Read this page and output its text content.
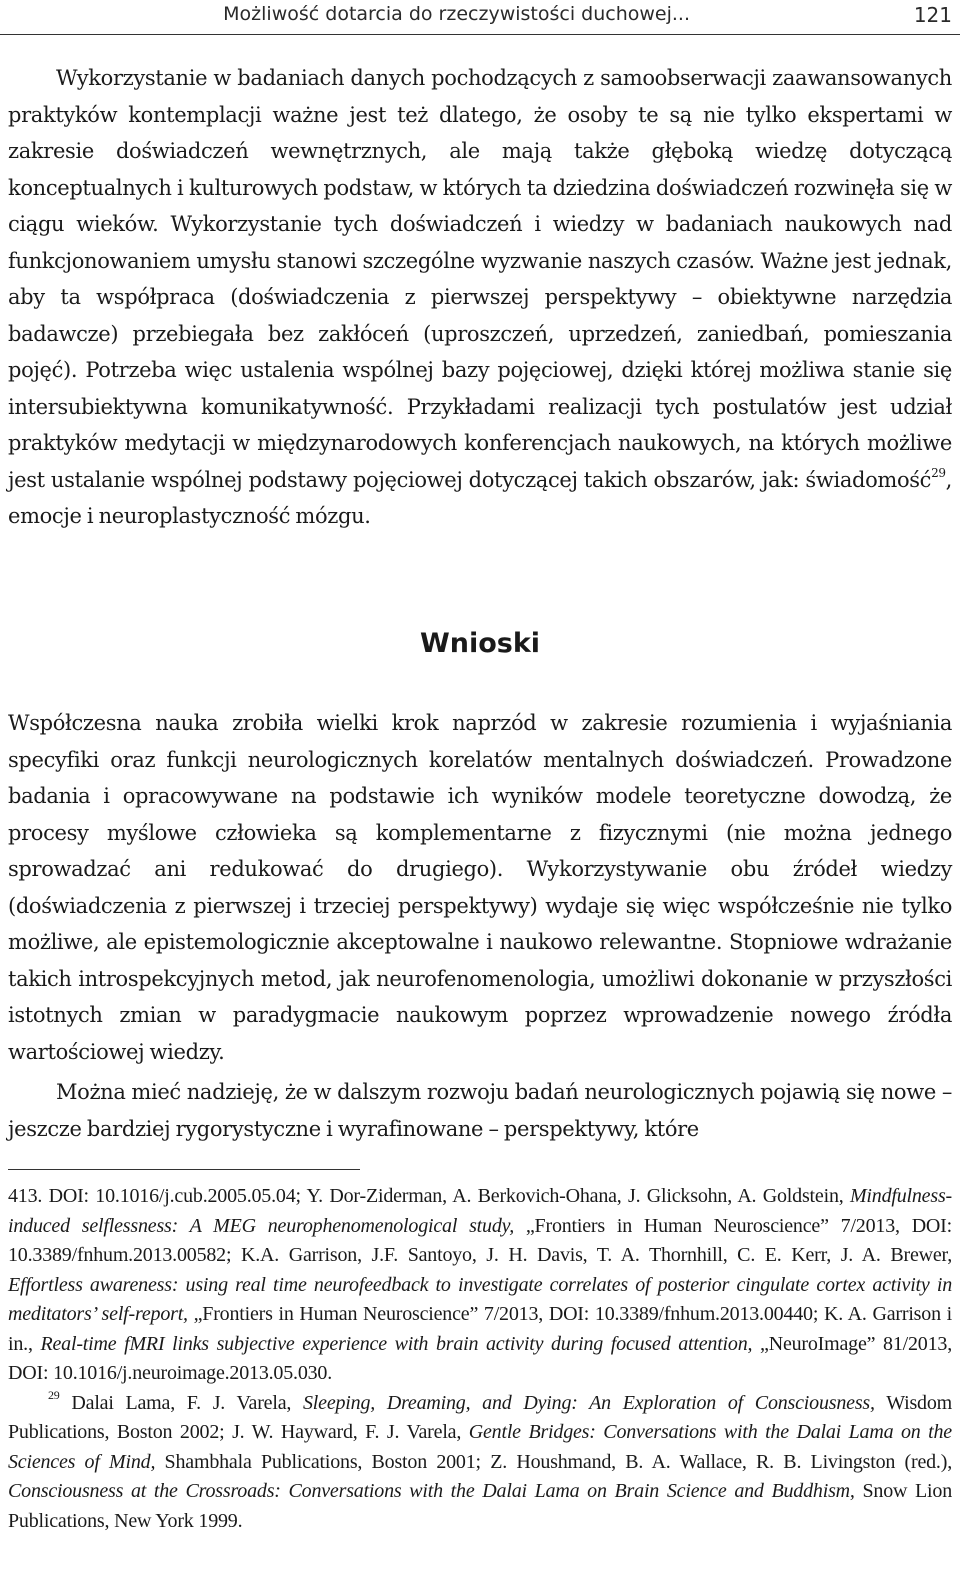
Możliwość dotarcia do rzeczywistości duchowej...	121

Wykorzystanie w badaniach danych pochodzących z samoobserwacji zaawansowanych praktyków kontemplacji ważne jest też dlatego, że osoby te są nie tylko ekspertami w zakresie doświadczeń wewnętrznych, ale mają także głęboką wiedzę dotyczącą konceptualnych i kulturowych podstaw, w których ta dziedzina doświadczeń rozwinęła się w ciągu wieków. Wykorzystanie tych doświadczeń i wiedzy w badaniach naukowych nad funkcjonowaniem umysłu stanowi szczególne wyzwanie naszych czasów. Ważne jest jednak, aby ta współpraca (doświadczenia z pierwszej perspektywy – obiektywne narzędzia badawcze) przebiegała bez zakłóceń (uproszczeń, uprzedzeń, zaniedbań, pomieszania pojęć). Potrzeba więc ustalenia wspólnej bazy pojęciowej, dzięki której możliwa stanie się intersubiektywna komunikatywność. Przykładami realizacji tych postulatów jest udział praktyków medytacji w międzynarodowych konferencjach naukowych, na których możliwe jest ustalanie wspólnej podstawy pojęciowej dotyczącej takich obszarów, jak: świadomość$^{29}$, emocje i neuroplastyczność mózgu.

Wnioski

Współczesna nauka zrobiła wielki krok naprzód w zakresie rozumienia i wyjaśniania specyfiki oraz funkcji neurologicznych korelatów mentalnych doświadczeń. Prowadzone badania i opracowywane na podstawie ich wyników modele teoretyczne dowodzą, że procesy myślowe człowieka są komplementarne z fizycznymi (nie można jednego sprowadzać ani redukować do drugiego). Wykorzystywanie obu źródeł wiedzy (doświadczenia z pierwszej i trzeciej perspektywy) wydaje się więc współcześnie nie tylko możliwe, ale epistemologicznie akceptowalne i naukowo relewantne. Stopniowe wdrażanie takich introspekcyjnych metod, jak neurofenomenologia, umożliwi dokonanie w przyszłości istotnych zmian w paradygmacie naukowym poprzez wprowadzenie nowego źródła wartościowej wiedzy.

Można mieć nadzieję, że w dalszym rozwoju badań neurologicznych pojawią się nowe – jeszcze bardziej rygorystyczne i wyrafinowane – perspektywy, które

413. DOI: 10.1016/j.cub.2005.05.04; Y. Dor-Ziderman, A. Berkovich-Ohana, J. Glicksohn, A. Goldstein, Mindfulness-induced selflessness: A MEG neurophenomenological study, „Frontiers in Human Neuroscience” 7/2013, DOI: 10.3389/fnhum.2013.00582; K.A. Garrison, J.F. Santoyo, J. H. Davis, T. A. Thornhill, C. E. Kerr, J. A. Brewer, Effortless awareness: using real time neurofeedback to investigate correlates of posterior cingulate cortex activity in meditators’ self-report, „Frontiers in Human Neuroscience” 7/2013, DOI: 10.3389/fnhum.2013.00440; K. A. Garrison i in., Real-time fMRI links subjective experience with brain activity during focused attention, „NeuroImage” 81/2013, DOI: 10.1016/j.neuroimage.2013.05.030.

$^{29}$ Dalai Lama, F. J. Varela, Sleeping, Dreaming, and Dying: An Exploration of Consciousness, Wisdom Publications, Boston 2002; J. W. Hayward, F. J. Varela, Gentle Bridges: Conversations with the Dalai Lama on the Sciences of Mind, Shambhala Publications, Boston 2001; Z. Houshmand, B. A. Wallace, R. B. Livingston (red.), Consciousness at the Crossroads: Conversations with the Dalai Lama on Brain Science and Buddhism, Snow Lion Publications, New York 1999.
